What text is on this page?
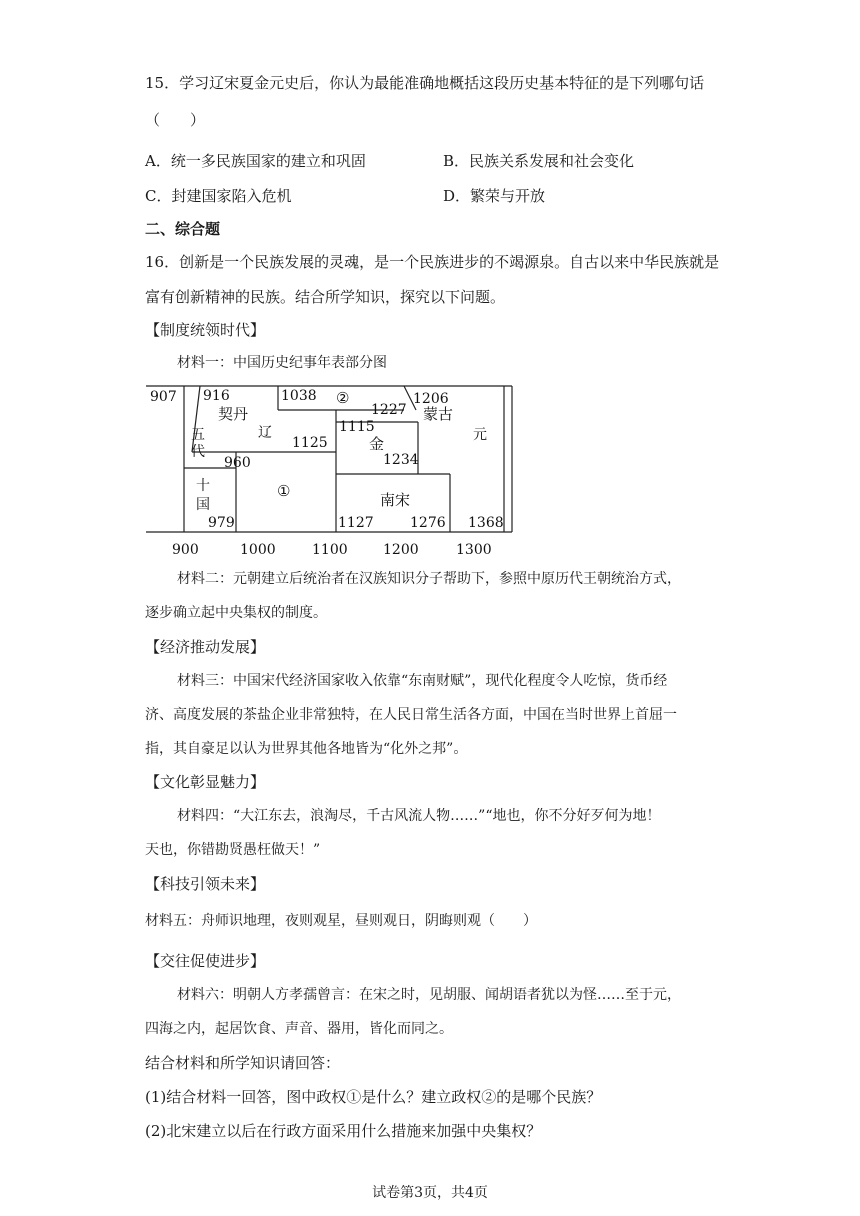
15．学习辽宋夏金元史后，你认为最能准确地概括这段历史基本特征的是下列哪句话
（　　）
A．统一多民族国家的建立和巩固	B．民族关系发展和社会变化
C．封建国家陷入危机	D．繁荣与开放
二、综合题
16．创新是一个民族发展的灵魂，是一个民族进步的不竭源泉。自古以来中华民族就是
富有创新精神的民族。结合所学知识，探究以下问题。
【制度统领时代】
材料一：中国历史纪事年表部分图
907 916	1038
1227
1206
1115
1125
960	1234
979	1127	1276 1368
契丹
辽
②
蒙古
金	元
五
代
十
国
①	南宋
900	1000	1100	1200	1300
材料二：元朝建立后统治者在汉族知识分子帮助下，参照中原历代王朝统治方式，
逐步确立起中央集权的制度。
【经济推动发展】
材料三：中国宋代经济国家收入依靠“东南财赋”，现代化程度令人吃惊，货币经
济、高度发展的茶盐企业非常独特，在人民日常生活各方面，中国在当时世界上首屈一
指，其自豪足以认为世界其他各地皆为“化外之邦”。
【文化彰显魅力】
材料四：“大江东去，浪淘尽，千古风流人物……”“地也，你不分好歹何为地！
天也，你错勘贤愚枉做天！”
【科技引领未来】
材料五：舟师识地理，夜则观星，昼则观日，阴晦则观（　　）
【交往促使进步】
材料六：明朝人方孝孺曾言：在宋之时，见胡服、闻胡语者犹以为怪……至于元，
四海之内，起居饮食、声音、器用，皆化而同之。
结合材料和所学知识请回答：
(1)结合材料一回答，图中政权①是什么？建立政权②的是哪个民族？
(2)北宋建立以后在行政方面采用什么措施来加强中央集权？
试卷第3页，共4页
